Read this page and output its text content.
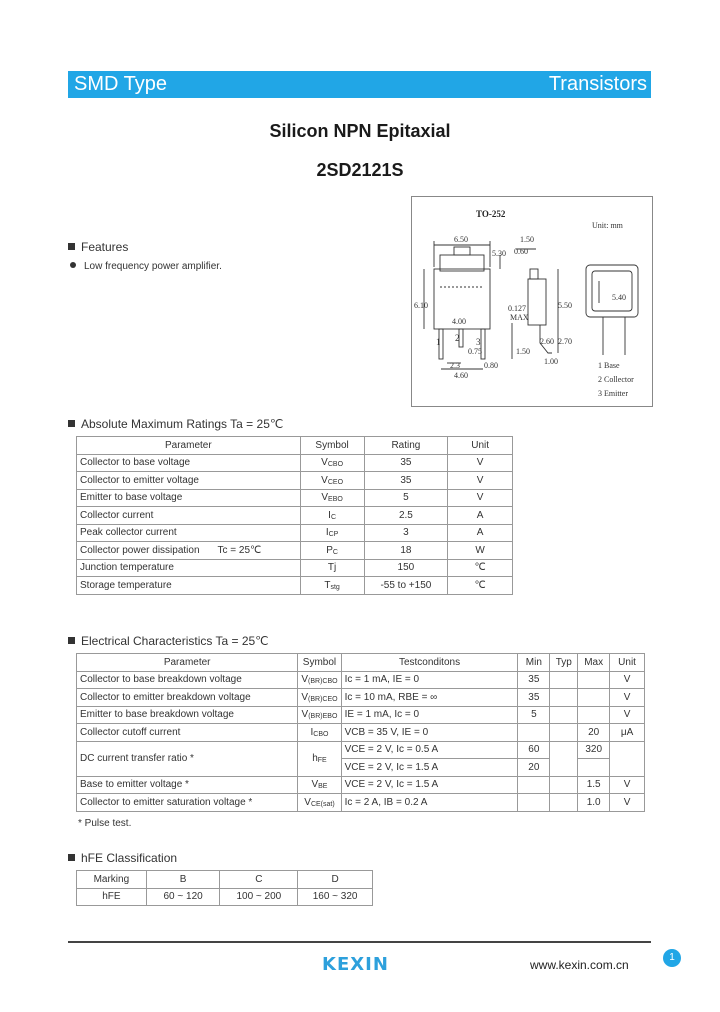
SMD Type	Transistors
Silicon NPN Epitaxial
2SD2121S
Features
Low frequency power amplifier.
TO-252
Unit: mm
6.50
5.30
1.50
0.60
0.127
MAX
6.10
4.00
2.3
4.60
0.80
1.50
5.50
2.70
2.60
1.00
0.75
5.40
1 2 3
1 Base
2 Collector
3 Emitter
Absolute Maximum Ratings Ta = 25℃
Parameter	Symbol	Rating	Unit
Collector to base voltage	VCBO	35	V
Collector to emitter voltage	VCEO	35	V
Emitter to base voltage	VEBO	5	V
Collector current	IC	2.5	A
Peak collector current	ICP	3	A
Collector power dissipation Tc = 25℃	PC	18	W
Junction temperature	Tj	150	℃
Storage temperature	Tstg	-55 to +150	℃
Electrical Characteristics Ta = 25℃
Parameter	Symbol	Testconditons	Min	Typ	Max	Unit
Collector to base breakdown voltage	V(BR)CBO	Ic = 1 mA, IE = 0	35			V
Collector to emitter breakdown voltage	V(BR)CEO	Ic = 10 mA, RBE = ∞	35			V
Emitter to base breakdown voltage	V(BR)EBO	IE = 1 mA, Ic = 0	5			V
Collector cutoff current	ICBO	VCB = 35 V, IE = 0			20	μA
DC current transfer ratio *	hFE	VCE = 2 V, Ic = 0.5 A	60		320	
		VCE = 2 V, Ic = 1.5 A	20			
Base to emitter voltage *	VBE	VCE = 2 V, Ic = 1.5 A			1.5	V
Collector to emitter saturation voltage *	VCE(sat)	Ic = 2 A, IB = 0.2 A			1.0	V
* Pulse test.
hFE Classification
Marking	B	C	D
hFE	60 ~ 120	100 ~ 200	160 ~ 320
KEXIN	www.kexin.com.cn
1
